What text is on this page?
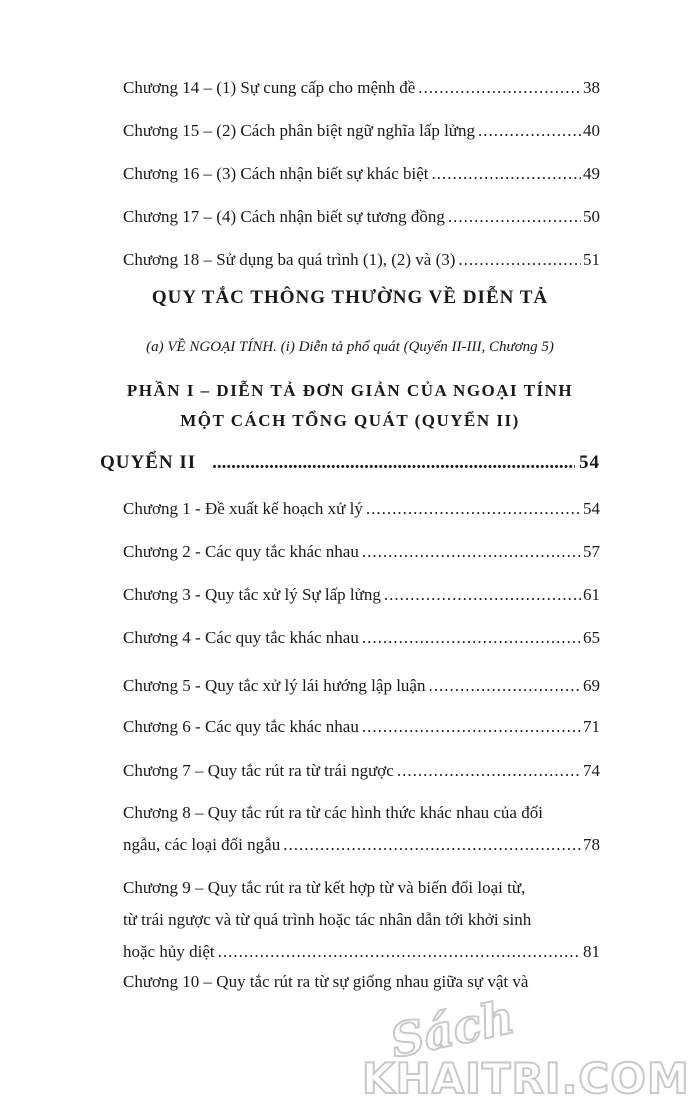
Chương 14 – (1) Sự cung cấp cho mệnh đề .....	38
Chương 15 – (2) Cách phân biệt ngữ nghĩa lấp lửng .....	40
Chương 16 – (3) Cách nhận biết sự khác biệt .....	49
Chương 17 – (4) Cách nhận biết sự tương đồng .....	50
Chương 18 – Sử dụng ba quá trình (1), (2) và (3) .....	51
QUY TẮC THÔNG THƯỜNG VỀ DIỄN TẢ
(a) VỀ NGOẠI TÍNH. (i) Diễn tả phổ quát (Quyển II-III, Chương 5)
PHẦN I – DIỄN TẢ ĐƠN GIẢN CỦA NGOẠI TÍNH
MỘT CÁCH TỔNG QUÁT (QUYỂN II)
QUYỂN II .....	54
Chương 1 - Đề xuất kế hoạch xử lý .....	54
Chương 2 - Các quy tắc khác nhau .....	57
Chương 3 - Quy tắc xử lý Sự lấp lửng .....	61
Chương 4 - Các quy tắc khác nhau .....	65
Chương 5 - Quy tắc xử lý lái hướng lập luận .....	69
Chương 6 - Các quy tắc khác nhau .....	71
Chương 7 – Quy tắc rút ra từ trái ngược .....	74
Chương 8 – Quy tắc rút ra từ các hình thức khác nhau của đối
ngẫu, các loại đối ngẫu .....	78
Chương 9 – Quy tắc rút ra từ kết hợp từ và biến đổi loại từ,
từ trái ngược và từ quá trình hoặc tác nhân dẫn tới khởi sinh
hoặc hủy diệt .....	81
Chương 10 – Quy tắc rút ra từ sự giống nhau giữa sự vật và
Sách
KHAITRI.COM
